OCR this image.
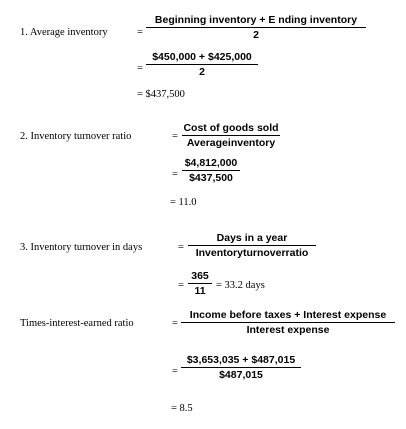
1. Average inventory	=
Beginning inventory + E nding inventory
2
=
$450,000 + $425,000
2
= $437,500
2. Inventory turnover ratio	=
Cost of goods sold
Averageinventory
=
$4,812,000
$437,500
= 11.0
3. Inventory turnover in days	=
Days in a year
Inventoryturnoverratio
=
365
11 = 33.2 days
Times-interest-earned ratio	=
Income before taxes + Interest expense
Interest expense
=
$3,653,035 + $487,015
$487,015
= 8.5
